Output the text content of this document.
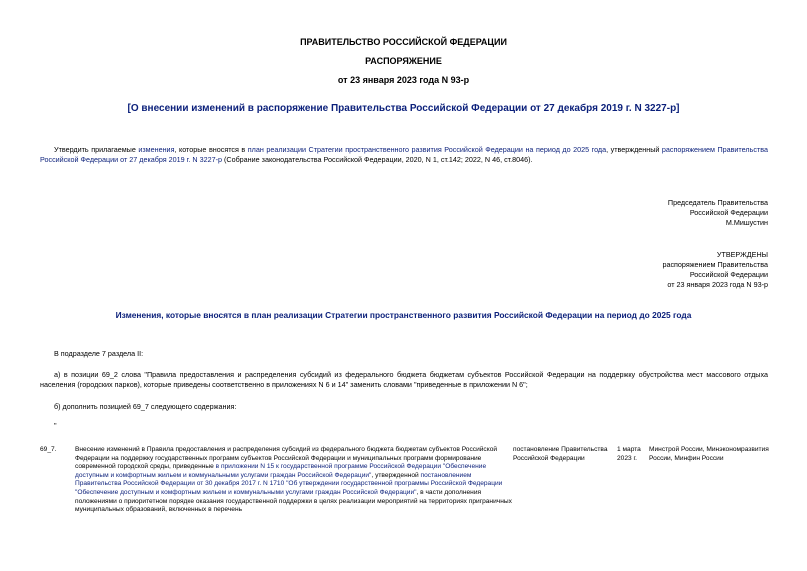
ПРАВИТЕЛЬСТВО РОССИЙСКОЙ ФЕДЕРАЦИИ
РАСПОРЯЖЕНИЕ
от 23 января 2023 года N 93-р
[О внесении изменений в распоряжение Правительства Российской Федерации от 27 декабря 2019 г. N 3227-р]
Утвердить прилагаемые изменения, которые вносятся в план реализации Стратегии пространственного развития Российской Федерации на период до 2025 года, утвержденный распоряжением Правительства Российской Федерации от 27 декабря 2019 г. N 3227-р (Собрание законодательства Российской Федерации, 2020, N 1, ст.142; 2022, N 46, ст.8046).
Председатель Правительства
Российской Федерации
М.Мишустин
УТВЕРЖДЕНЫ
распоряжением Правительства
Российской Федерации
от 23 января 2023 года N 93-р
Изменения, которые вносятся в план реализации Стратегии пространственного развития Российской Федерации на период до 2025 года
В подразделе 7 раздела II:
а) в позиции 69_2 слова "Правила предоставления и распределения субсидий из федерального бюджета бюджетам субъектов Российской Федерации на поддержку обустройства мест массового отдыха населения (городских парков), которые приведены соответственно в приложениях N 6 и 14" заменить словами "приведенные в приложении N 6";
б) дополнить позицией 69_7 следующего содержания:
"
69_7.	Внесение изменений в Правила предоставления и распределения субсидий из федерального бюджета бюджетам субъектов Российской Федерации на поддержку государственных программ субъектов Российской Федерации и муниципальных программ формирование современной городской среды, приведенные в приложении N 15 к государственной программе Российской Федерации "Обеспечение доступным и комфортным жильем и коммунальными услугами граждан Российской Федерации", утвержденной постановлением Правительства Российской Федерации от 30 декабря 2017 г. N 1710 "Об утверждении государственной программы Российской Федерации "Обеспечение доступным и комфортным жильем и коммунальными услугами граждан Российской Федерации", в части дополнения положениями о приоритетном порядке оказания государственной поддержки в целях реализации мероприятий на территориях приграничных муниципальных образований, включенных в перечень
постановление Правительства Российской Федерации
1 марта 2023 г.
Минстрой России, Минэкономразвития России, Минфин России
